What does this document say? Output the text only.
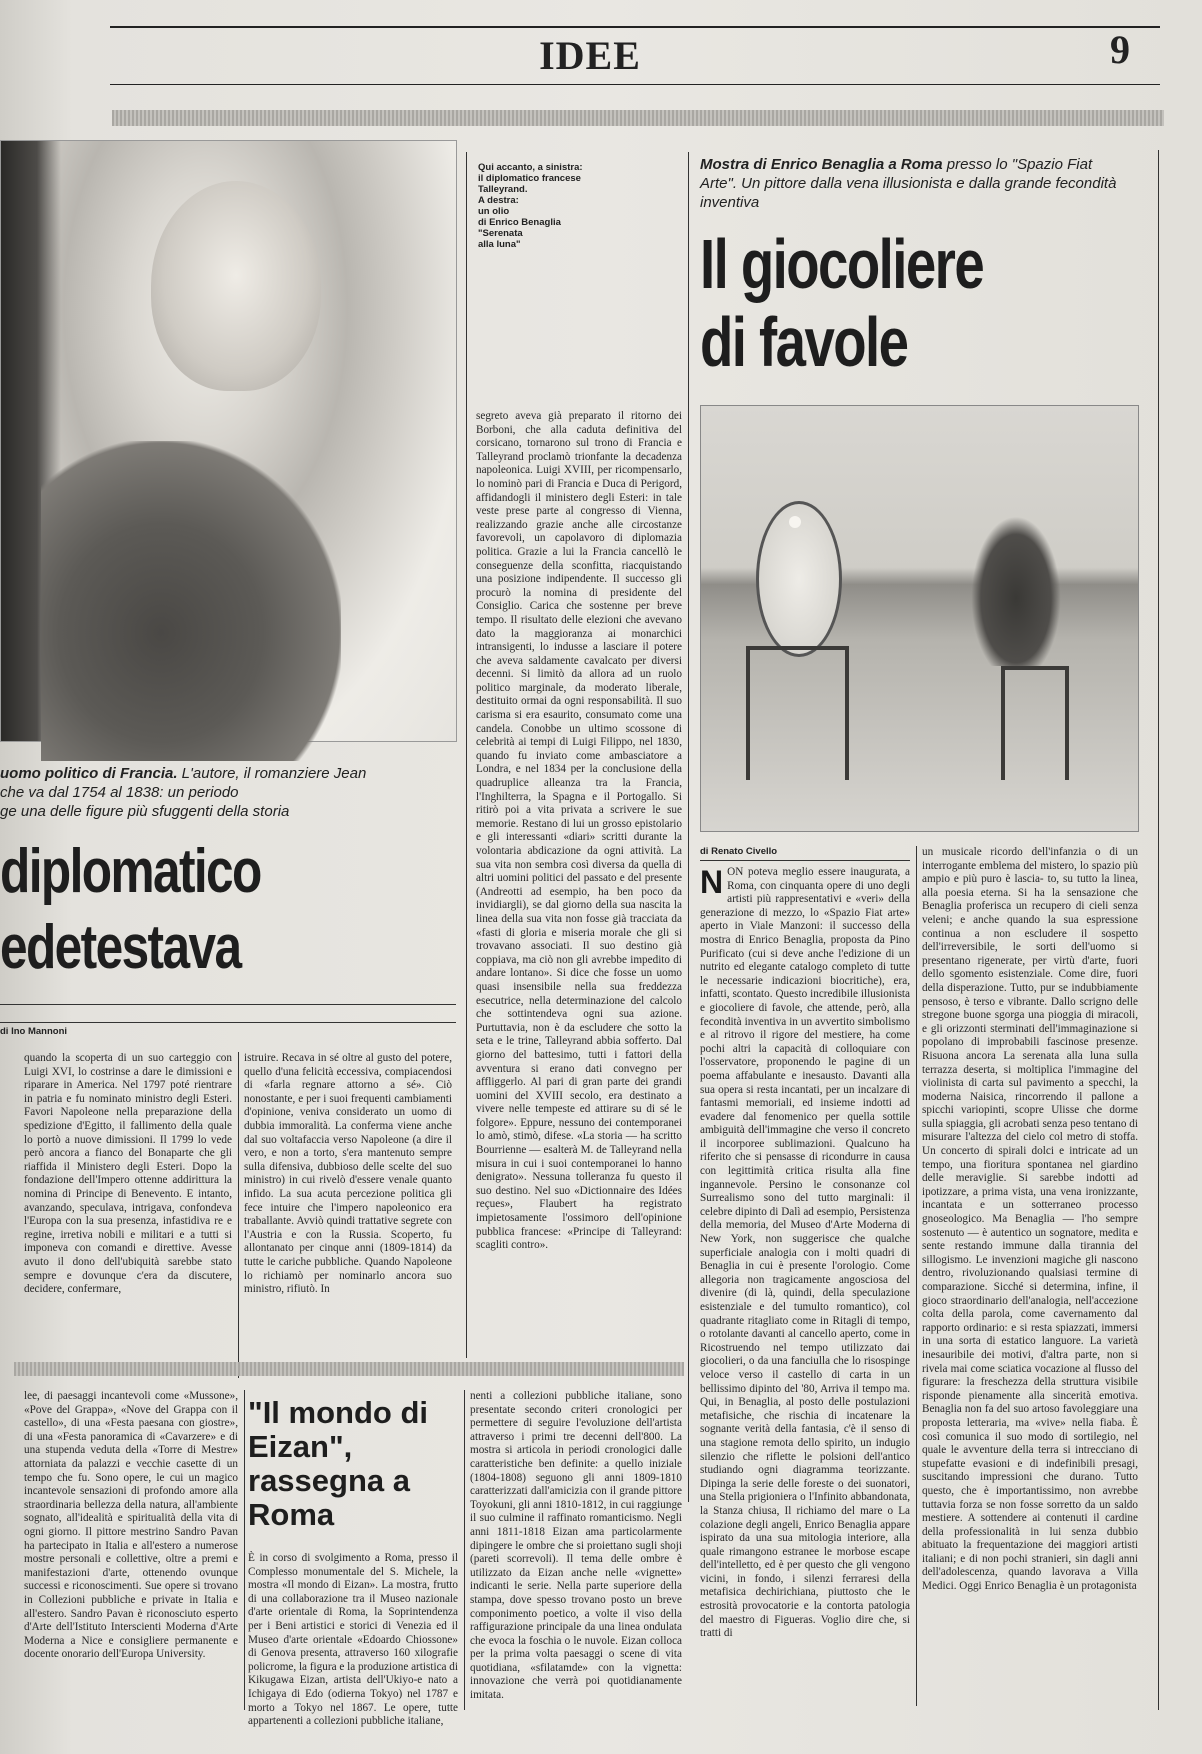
IDEE	9
Qui accanto, a sinistra:
il diplomatico francese
Talleyrand.
A destra:
un olio
di Enrico Benaglia
"Serenata
alla luna"
uomo politico di Francia. L'autore, il romanziere Jean
che va dal 1754 al 1838: un periodo
ge una delle figure più sfuggenti della storia
diplomatico
edetestava
di Ino Mannoni

quando la scoperta di un suo carteggio con Luigi XVI, lo costrinse a dare le dimissioni e riparare in America. Nel 1797 poté rientrare in patria e fu nominato ministro degli Esteri. Favori Napoleone nella preparazione della spedizione d'Egitto, il fallimento della quale lo portò a nuove dimissioni. Il 1799 lo vede però ancora a fianco del Bonaparte che gli riaffida il Ministero degli Esteri. Dopo la fondazione dell'Impero ottenne addirittura la nomina di Principe di Benevento. E intanto, avanzando, speculava, intrigava, confondeva l'Europa con la sua presenza, infastidiva re e regine, irretiva nobili e militari e a tutti si imponeva con comandi e direttive. Avesse avuto il dono dell'ubiquità sarebbe stato sempre e dovunque c'era da discutere, decidere, confermare,

istruire. Recava in sé oltre al gusto del potere, quello d'una felicità eccessiva, compiacendosi di «farla regnare attorno a sé». Ciò nonostante, e per i suoi frequenti cambiamenti d'opinione, veniva considerato un uomo di dubbia immoralità. La conferma viene anche dal suo voltafaccia verso Napoleone (a dire il vero, e non a torto, s'era mantenuto sempre sulla difensiva, dubbioso delle scelte del suo ministro) in cui rivelò d'essere venale quanto infido. La sua acuta percezione politica gli fece intuire che l'impero napoleonico era traballante. Avviò quindi trattative segrete con l'Austria e con la Russia. Scoperto, fu allontanato per cinque anni (1809-1814) da tutte le cariche pubbliche. Quando Napoleone lo richiamò per nominarlo ancora suo ministro, rifiutò. In

segreto aveva già preparato il ritorno dei Borboni, che alla caduta definitiva del corsicano, tornarono sul trono di Francia e Talleyrand proclamò trionfante la decadenza napoleonica. Luigi XVIII, per ricompensarlo, lo nominò pari di Francia e Duca di Perigord, affidandogli il ministero degli Esteri: in tale veste prese parte al congresso di Vienna, realizzando grazie anche alle circostanze favorevoli, un capolavoro di diplomazia politica. Grazie a lui la Francia cancellò le conseguenze della sconfitta, riacquistando una posizione indipendente. Il successo gli procurò la nomina di presidente del Consiglio. Carica che sostenne per breve tempo. Il risultato delle elezioni che avevano dato la maggioranza ai monarchici intransigenti, lo indusse a lasciare il potere che aveva saldamente cavalcato per diversi decenni. Si limitò da allora ad un ruolo politico marginale, da moderato liberale, destituito ormai da ogni responsabilità. Il suo carisma si era esaurito, consumato come una candela. Conobbe un ultimo scossone di celebrità ai tempi di Luigi Filippo, nel 1830, quando fu inviato come ambasciatore a Londra, e nel 1834 per la conclusione della quadruplice alleanza tra la Francia, l'Inghilterra, la Spagna e il Portogallo. Si ritirò poi a vita privata a scrivere le sue memorie. Restano di lui un grosso epistolario e gli interessanti «diari» scritti durante la volontaria abdicazione da ogni attività. La sua vita non sembra così diversa da quella di altri uomini politici del passato e del presente (Andreotti ad esempio, ha ben poco da invidiargli), se dal giorno della sua nascita la linea della sua vita non fosse già tracciata da «fasti di gloria e miseria morale che gli si trovavano associati. Il suo destino già coppiava, ma ciò non gli avrebbe impedito di andare lontano». Si dice che fosse un uomo quasi insensibile nella sua freddezza esecutrice, nella determinazione del calcolo che sottintendeva ogni sua azione. Purtuttavia, non è da escludere che sotto la seta e le trine, Talleyrand abbia sofferto. Dal giorno del battesimo, tutti i fattori della avventura si erano dati convegno per affliggerlo. Al pari di gran parte dei grandi uomini del XVIII secolo, era destinato a vivere nelle tempeste ed attirare su di sé le folgore». Eppure, nessuno dei contemporanei lo amò, stimò, difese. «La storia — ha scritto Bourrienne — esalterà M. de Talleyrand nella misura in cui i suoi contemporanei lo hanno denigrato». Nessuna tolleranza fu questo il suo destino. Nel suo «Dictionnaire des Idées reçues», Flaubert ha registrato impietosamente l'ossimoro dell'opinione pubblica francese: «Principe di Talleyrand: scagliti contro».

Mostra di Enrico Benaglia a Roma presso lo "Spazio Fiat Arte". Un pittore dalla vena illusionista e dalla grande fecondità inventiva
Il giocoliere
di favole
di Renato Civello
NON poteva meglio essere inaugurata, a Roma, con cinquanta opere di uno degli artisti più rappresentativi e «veri» della generazione di mezzo, lo «Spazio Fiat arte» aperto in Viale Manzoni: il successo della mostra di Enrico Benaglia, proposta da Pino Purificato (cui si deve anche l'edizione di un nutrito ed elegante catalogo completo di tutte le necessarie indicazioni biocritiche), era, infatti, scontato. Questo incredibile illusionista e giocoliere di favole, che attende, però, alla fecondità inventiva in un avvertito simbolismo e al ritrovo il rigore del mestiere, ha come pochi altri la capacità di colloquiare con l'osservatore, proponendo le pagine di un poema affabulante e inesausto. Davanti alla sua opera si resta incantati, per un incalzare di fantasmi memoriali, ed insieme indotti ad evadere dal fenomenico per quella sottile ambiguità dell'immagine che verso il concreto il incorporee sublimazioni. Qualcuno ha riferito che si pensasse di ricondurre in causa con legittimità critica risulta alla fine ingannevole. Persino le consonanze col Surrealismo sono del tutto marginali: il celebre dipinto di Dalì ad esempio, Persistenza della memoria, del Museo d'Arte Moderna di New York, non suggerisce che qualche superficiale analogia con i molti quadri di Benaglia in cui è presente l'orologio. Come allegoria non tragicamente angosciosa del divenire (di là, quindi, della speculazione esistenziale e del tumulto romantico), col quadrante ritagliato come in Ritagli di tempo, o rotolante davanti al cancello aperto, come in Ricostruendo nel tempo utilizzato dai giocolieri, o da una fanciulla che lo risospinge veloce verso il castello di carta in un bellissimo dipinto del '80, Arriva il tempo ma. Qui, in Benaglia, al posto delle postulazioni metafisiche, che rischia di incatenare la sognante verità della fantasia, c'è il senso di una stagione remota dello spirito, un indugio silenzio che riflette le polsioni dell'antico studiando ogni diagramma teorizzante. Dipinga la serie delle foreste o dei suonatori, una Stella prigioniera o l'Infinito abbandonata, la Stanza chiusa, Il richiamo del mare o La colazione degli angeli, Enrico Benaglia appare ispirato da una sua mitologia interiore, alla quale rimangono estranee le morbose escape dell'intelletto, ed è per questo che gli vengono vicini, in fondo, i silenzi ferraresi della metafisica dechirichiana, piuttosto che le estrosità provocatorie e la contorta patologia del maestro di Figueras. Voglio dire che, si tratti di

un musicale ricordo dell'infanzia o di un interrogante emblema del mistero, lo spazio più ampio e più puro è lascia- to, su tutto la linea, alla poesia eterna. Si ha la sensazione che Benaglia proferisca un recupero di cieli senza veleni; e anche quando la sua espressione continua a non escludere il sospetto dell'irreversibile, le sorti dell'uomo si presentano rigenerate, per virtù d'arte, fuori dello sgomento esistenziale. Come dire, fuori della disperazione. Tutto, pur se indubbiamente pensoso, è terso e vibrante. Dallo scrigno delle stregone buone sgorga una pioggia di miracoli, e gli orizzonti sterminati dell'immaginazione si popolano di improbabili fascinose presenze. Risuona ancora La serenata alla luna sulla terrazza deserta, si moltiplica l'immagine del violinista di carta sul pavimento a specchi, la moderna Naisica, rincorrendo il pallone a spicchi variopinti, scopre Ulisse che dorme sulla spiaggia, gli acrobati senza peso tentano di misurare l'altezza del cielo col metro di stoffa. Un concerto di spirali dolci e intricate ad un tempo, una fioritura spontanea nel giardino delle meraviglie. Si sarebbe indotti ad ipotizzare, a prima vista, una vena ironizzante, incantata e un sotterraneo processo gnoseologico. Ma Benaglia — l'ho sempre sostenuto — è autentico un sognatore, medita e sente restando immune dalla tirannia del sillogismo. Le invenzioni magiche gli nascono dentro, rivoluzionando qualsiasi termine di comparazione. Sicché si determina, infine, il gioco straordinario dell'analogia, nell'accezione colta della parola, come cavernamento dal rapporto ordinario: e si resta spiazzati, immersi in una sorta di estatico languore. La varietà inesauribile dei motivi, d'altra parte, non si rivela mai come sciatica vocazione al flusso del figurare: la freschezza della struttura visibile risponde pienamente alla sincerità emotiva. Benaglia non fa del suo artoso favoleggiare una proposta letteraria, ma «vive» nella fiaba. È così comunica il suo modo di sortilegio, nel quale le avventure della terra si intrecciano di stupefatte evasioni e di indefinibili presagi, suscitando impressioni che durano. Tutto questo, che è importantissimo, non avrebbe tuttavia forza se non fosse sorretto da un saldo mestiere. A sottendere ai contenuti il cardine della professionalità in lui senza dubbio abituato la frequentazione dei maggiori artisti italiani; e di non pochi stranieri, sin dagli anni dell'adolescenza, quando lavorava a Villa Medici. Oggi Enrico Benaglia è un protagonista

lee, di paesaggi incantevoli come «Mussone», «Pove del Grappa», «Nove del Grappa con il castello», di una «Festa paesana con giostre», di una «Festa panoramica di «Cavarzere» e di una stupenda veduta della «Torre di Mestre» attorniata da palazzi e vecchie casette di un tempo che fu. Sono opere, le cui un magico incantevole sensazioni di profondo amore alla straordinaria bellezza della natura, all'ambiente sognato, all'idealità e spiritualità della vita di ogni giorno. Il pittore mestrino Sandro Pavan ha partecipato in Italia e all'estero a numerose mostre personali e collettive, oltre a premi e manifestazioni d'arte, ottenendo ovunque successi e riconoscimenti. Sue opere si trovano in Collezioni pubbliche e private in Italia e all'estero. Sandro Pavan è riconosciuto esperto d'Arte dell'Istituto Interscienti Moderna d'Arte Moderna a Nice e consigliere permanente e docente onorario dell'Europa University.

"Il mondo di Eizan", rassegna a Roma

È in corso di svolgimento a Roma, presso il Complesso monumentale del S. Michele, la mostra «Il mondo di Eizan». La mostra, frutto di una collaborazione tra il Museo nazionale d'arte orientale di Roma, la Soprintendenza per i Beni artistici e storici di Venezia ed il Museo d'arte orientale «Edoardo Chiossone» di Genova presenta, attraverso 160 xilografie policrome, la figura e la produzione artistica di Kikugawa Eizan, artista dell'Ukiyo-e nato a Ichigaya di Edo (odierna Tokyo) nel 1787 e morto a Tokyo nel 1867. Le opere, tutte appartenenti a collezioni pubbliche italiane,

nenti a collezioni pubbliche italiane, sono presentate secondo criteri cronologici per permettere di seguire l'evoluzione dell'artista attraverso i primi tre decenni dell'800. La mostra si articola in periodi cronologici dalle caratteristiche ben definite: a quello iniziale (1804-1808) seguono gli anni 1809-1810 caratterizzati dall'amicizia con il grande pittore Toyokuni, gli anni 1810-1812, in cui raggiunge il suo culmine il raffinato romanticismo. Negli anni 1811-1818 Eizan ama particolarmente dipingere le ombre che si proiettano sugli shoji (pareti scorrevoli). Il tema delle ombre è utilizzato da Eizan anche nelle «vignette» indicanti le serie. Nella parte superiore della stampa, dove spesso trovano posto un breve componimento poetico, a volte il viso della raffigurazione principale da una linea ondulata che evoca la foschia o le nuvole. Eizan colloca per la prima volta paesaggi o scene di vita quotidiana, «sfilatamde» con la vignetta: innovazione che verrà poi quotidianamente imitata.
